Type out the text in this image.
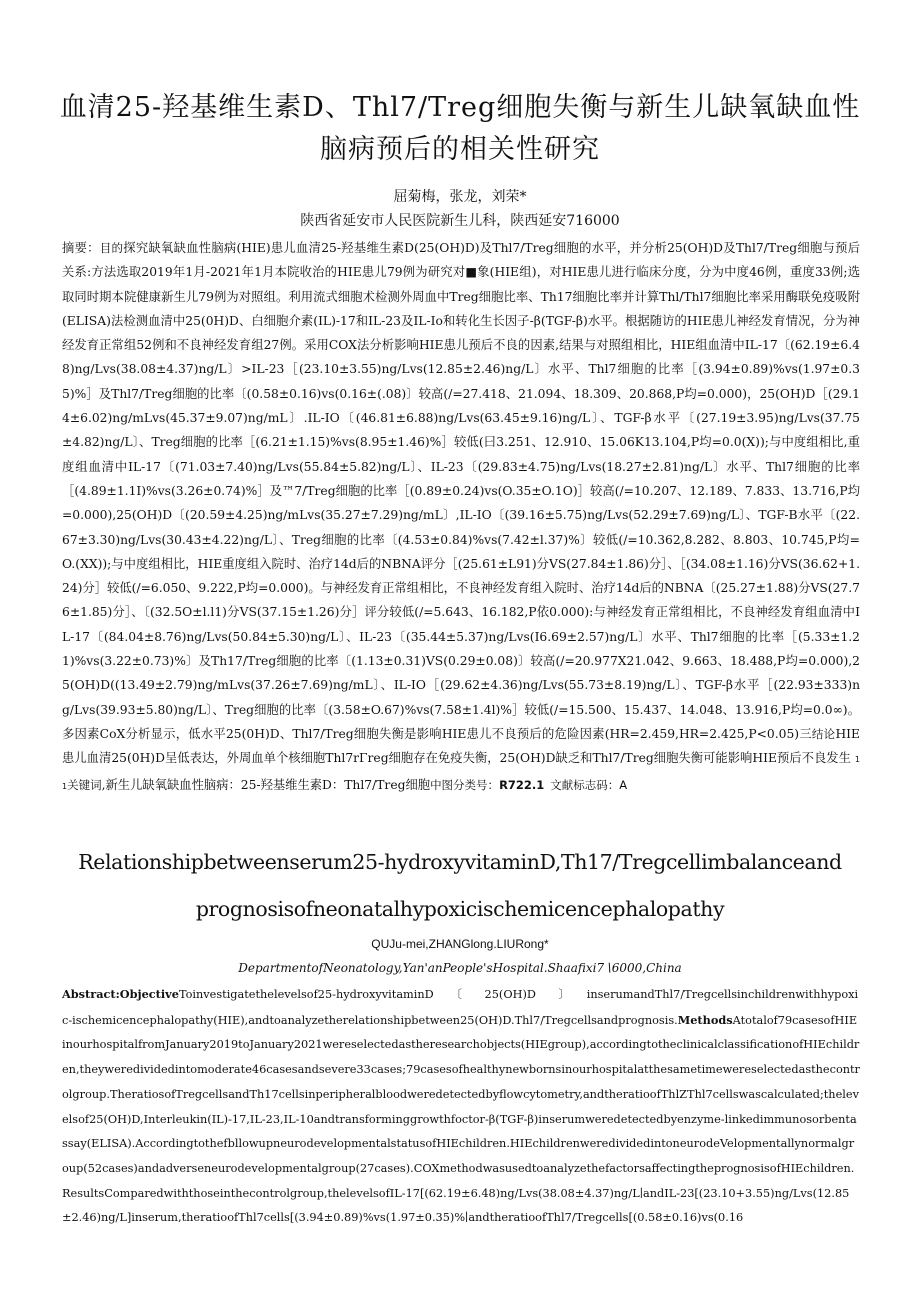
血清25-羟基维生素D、Thl7/Treg细胞失衡与新生儿缺氧缺血性
脑病预后的相关性研究
屈菊梅，张龙，刘荣*
陕西省延安市人民医院新生儿科，陕西延安716000
摘要：目的探究缺氧缺血性脑病(HIE)患儿血清25-羟基维生素D(25(OH)D)及Thl7/Treg细胞的水平，并分析25(OH)D及Thl7/Treg细胞与预后关系:方法选取2019年1月-2021年1月本院收治的HIE患儿79例为研究对■象(HIE组)，对HIE患儿进行临床分度，分为中度46例，重度33例;选取同时期本院健康新生儿79例为对照组。利用流式细胞术检测外周血中Treg细胞比率、Th17细胞比率并计算Thl/Thl7细胞比率采用酶联免疫吸附(ELISA)法检测血清中25(0H)D、白细胞介素(IL)-17和IL-23及IL-Io和转化生长因子-β(TGF-β)水平。根据随访的HIE患儿神经发育情况，分为神经发育正常组52例和不良神经发育组27例。采用COX法分析影响HIE患儿预后不良的因素,结果与对照组相比，HIE组血清中IL-17〔(62.19±6.48)ng/Lvs(38.08±4.37)ng/L〕>IL-23［(23.10±3.55)ng/Lvs(12.85±2.46)ng/L〕水平、Thl7细胞的比率［(3.94±0.89)%vs(1.97±0.35)%］及Thl7/Treg细胞的比率〔(0.58±0.16)vs(0.16±(.08)〕较高(/=27.418、21.094、18.309、20.868,P均=0.000)，25(OH)D［(29.14±6.02)ng/mLvs(45.37±9.07)ng/mL〕.IL-IO〔(46.81±6.88)ng/Lvs(63.45±9.16)ng/L〕、TGF-β水平〔(27.19±3.95)ng/Lvs(37.75±4.82)ng/L〕、Treg细胞的比率［(6.21±1.15)%vs(8.95±1.46)%］较低(曰3.251、12.910、15.06K13.104,P均=0.0(X));与中度组相比,重度组血清中IL-17〔(71.03±7.40)ng/Lvs(55.84±5.82)ng/L〕、IL-23〔(29.83±4.75)ng/Lvs(18.27±2.81)ng/L〕水平、Thl7细胞的比率［(4.89±1.1I)%vs(3.26±0.74)%］及™7/Treg细胞的比率［(0.89±0.24)vs(O.35±O.1O)］较高(/=10.207、12.189、7.833、13.716,P均=0.000),25(OH)D〔(20.59±4.25)ng/mLvs(35.27±7.29)ng/mL〕,IL-IO〔(39.16±5.75)ng/Lvs(52.29±7.69)ng/L〕、TGF-B水平〔(22.67±3.30)ng/Lvs(30.43±4.22)ng/L〕、Treg细胞的比率〔(4.53±0.84)%vs(7.42±l.37)%〕较低(/=10.362,8.282、8.803、10.745,P均=O.(XX));与中度组相比，HIE重度组入院时、治疗14d后的NBNA评分［(25.61±L91)分VS(27.84±1.86)分］、［(34.08±1.16)分VS(36.62+1.24)分］较低(/=6.050、9.222,P均=0.000)。与神经发育正常组相比，不良神经发育组入院时、治疗14d后的NBNA〔(25.27±1.88)分VS(27.76±1.85)分］、〔(32.5O±l.l1)分VS(37.15±1.26)分］评分较低(/=5.643、16.182,P依0.000):与神经发育正常组相比，不良神经发育组血清中IL-17〔(84.04±8.76)ng/Lvs(50.84±5.30)ng/L〕、IL-23〔(35.44±5.37)ng/Lvs(I6.69±2.57)ng/L〕水平、Thl7细胞的比率［(5.33±1.21)%vs(3.22±0.73)%〕及Th17/Treg细胞的比率〔(1.13±0.31)VS(0.29±0.08)〕较高(/=20.977X21.042、9.663、18.488,P均=0.000),25(OH)D((13.49±2.79)ng/mLvs(37.26±7.69)ng/mL〕、IL-IO［(29.62±4.36)ng/Lvs(55.73±8.19)ng/L〕、TGF-β水平［(22.93±333)ng/Lvs(39.93±5.80)ng/L〕、Treg细胞的比率〔(3.58±O.67)%vs(7.58±1.4l)%］较低(/=15.500、15.437、14.048、13.916,P均=0.0∞)。多因素CoX分析显示，低水平25(0H)D、Thl7/Treg细胞失衡是影响HIE患儿不良预后的危险因素(HR=2.459,HR=2.425,P<0.05)三结论HIE患儿血清25(0H)D呈低表达，外周血单个核细胞Thl7rΓreg细胞存在免疫失衡，25(OH)D缺乏和Thl7/Treg细胞失衡可能影响HIE预后不良发生 11关键词,新生儿缺氧缺血性脑病：25-羟基维生素D：Thl7/Treg细胞中图分类号：R722.1 文献标志码：A
Relationshipbetweenserum25-hydroxyvitaminD,Th17/Tregcellimbalanceand
prognosisofneonatalhypoxicischemicencephalopathy
QUJu-mei,ZHANGlong.LIURong*
DepartmentofNeonatology,Yan'anPeople'sHospital.Shaafixi7∖6000,China
Abstract:ObjectiveToinvestigatethelevelsof25-hydroxyvitaminD　　〔　　25(OH)D　　〕　　inserumandThl7/Tregcellsinchildrenwithhypoxic-ischemicencephalopathy(HIE),andtoanalyzetherelationshipbetween25(OH)D.Thl7/Tregcellsandprognosis.MethodsAtotalof79casesofHIEinourhospitalfromJanuary2019toJanuary2021wereselectedastheresearchobjects(HIEgroup),accordingtotheclinicalclassificationofHIEchildren,theyweredividedintomoderate46casesandsevere33cases;79casesofhealthynewbornsinourhospitalatthesametimewereselectedasthecontrolgroup.TheratiosofTregcellsandTh17cellsinperipheralbloodweredetectedbyflowcytometry,andtheratioofThlZThl7cellswascalculated;thelevelsof25(OH)D,Interleukin(IL)-17,IL-23,IL-10andtransforminggrowthfoctor-β(TGF-β)inserumweredetectedbyenzyme-linkedimmunosorbentassay(ELISA).AccordingtothefbllowupneurodevelopmentalstatusofHIEchildren.HIEchildrenweredividedintoneurodeVelopmentallynormalgroup(52cases)andadverseneurodevelopmentalgroup(27cases).COXmethodwasusedtoanalyzethefactorsaffectingtheprognosisofHIEchildren.ResultsComparedwiththoseinthecontrolgroup,thelevelsofIL-17[(62.19±6.48)ng/Lvs(38.08±4.37)ng/L∣andIL-23[(23.10+3.55)ng/Lvs(12.85±2.46)ng/L]inserum,theratioofThl7cells[(3.94±0.89)%vs(1.97±0.35)%∣andtheratioofThl7/Tregcells[(0.58±0.16)vs(0.16
